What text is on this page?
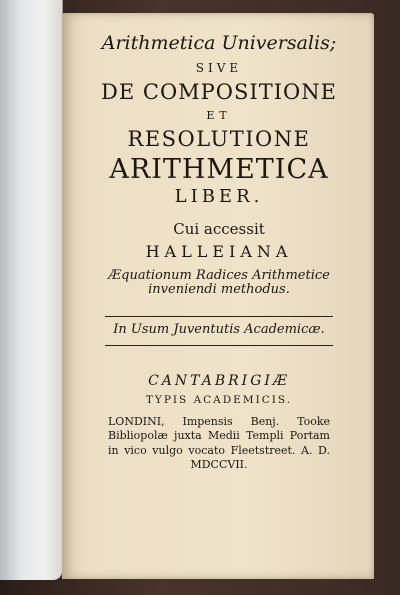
Arithmetica Universalis;
SIVE
DE COMPOSITIONE
ET
RESOLUTIONE
ARITHMETICA
LIBER.
Cui accessit
HALLEIANA
Æquationum Radices Arithmetice
inveniendi methodus.
In Usum Juventutis Academicæ.
CANTABRIGIÆ
TYPIS ACADEMICIS.

LONDINI, Impensis Benj. Tooke Bibliopolæ juxta Medii Templi Portam in vico vulgo vocato Fleetstreet. A. D. MDCCVII.
